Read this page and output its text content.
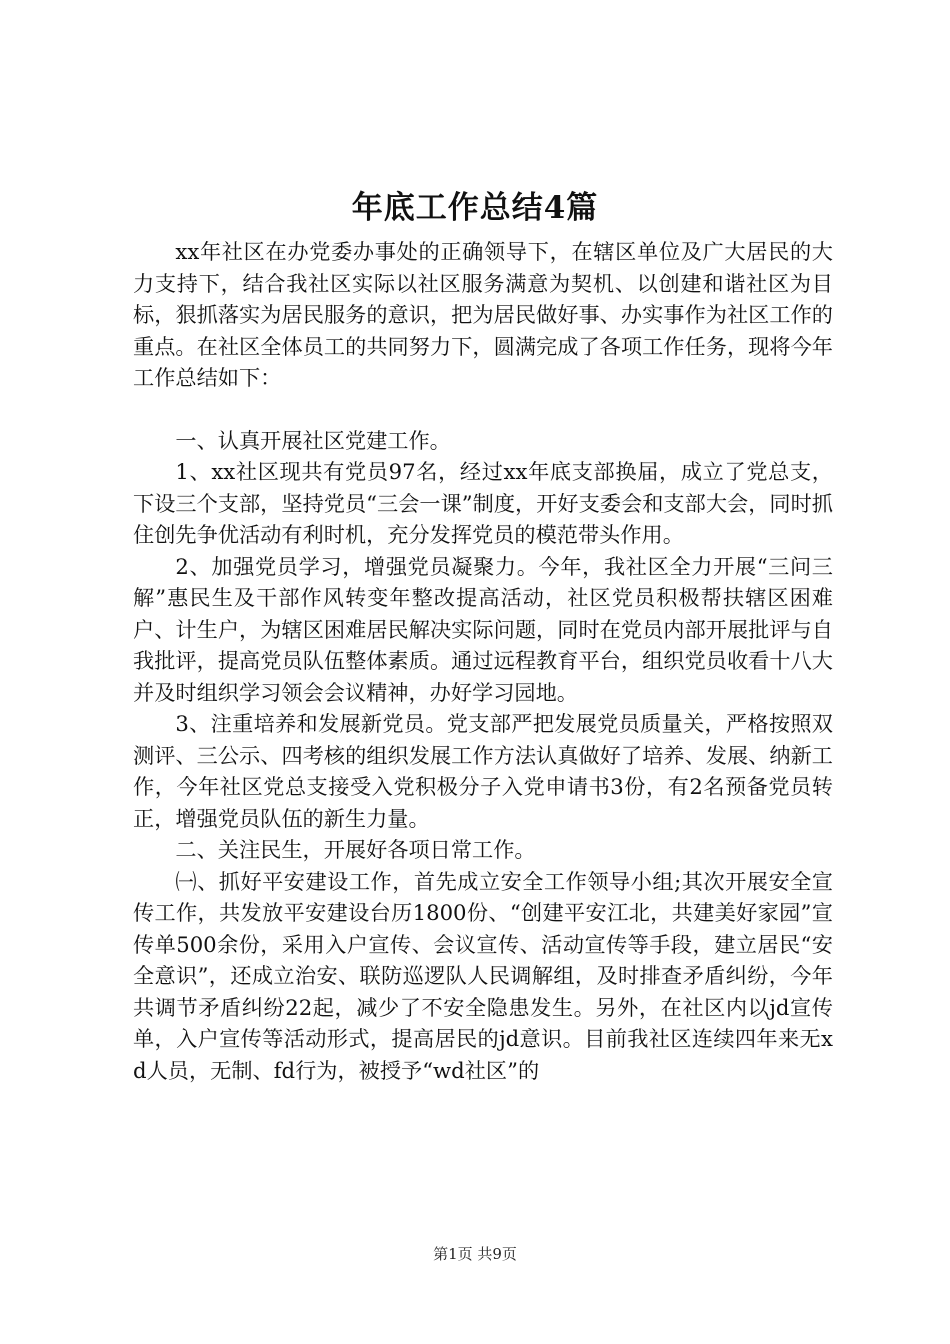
年底工作总结4篇

xx年社区在办党委办事处的正确领导下，在辖区单位及广大居民的大力支持下，结合我社区实际以社区服务满意为契机、以创建和谐社区为目标，狠抓落实为居民服务的意识，把为居民做好事、办实事作为社区工作的重点。在社区全体员工的共同努力下，圆满完成了各项工作任务，现将今年工作总结如下：

一、认真开展社区党建工作。

1、xx社区现共有党员97名，经过xx年底支部换届，成立了党总支，下设三个支部，坚持党员“三会一课”制度，开好支委会和支部大会，同时抓住创先争优活动有利时机，充分发挥党员的模范带头作用。

2、加强党员学习，增强党员凝聚力。今年，我社区全力开展“三问三解”惠民生及干部作风转变年整改提高活动，社区党员积极帮扶辖区困难户、计生户，为辖区困难居民解决实际问题，同时在党员内部开展批评与自我批评，提高党员队伍整体素质。通过远程教育平台，组织党员收看十八大并及时组织学习领会会议精神，办好学习园地。

3、注重培养和发展新党员。党支部严把发展党员质量关，严格按照双测评、三公示、四考核的组织发展工作方法认真做好了培养、发展、纳新工作，今年社区党总支接受入党积极分子入党申请书3份，有2名预备党员转正，增强党员队伍的新生力量。

二、关注民生，开展好各项日常工作。

㈠、抓好平安建设工作，首先成立安全工作领导小组;其次开展安全宣传工作，共发放平安建设台历1800份、“创建平安江北，共建美好家园”宣传单500余份，采用入户宣传、会议宣传、活动宣传等手段，建立居民“安全意识”，还成立治安、联防巡逻队人民调解组，及时排查矛盾纠纷，今年共调节矛盾纠纷22起，减少了不安全隐患发生。另外，在社区内以jd宣传单，入户宣传等活动形式，提高居民的jd意识。目前我社区连续四年来无xd人员，无制、fd行为，被授予“wd社区”的

第1页 共9页
